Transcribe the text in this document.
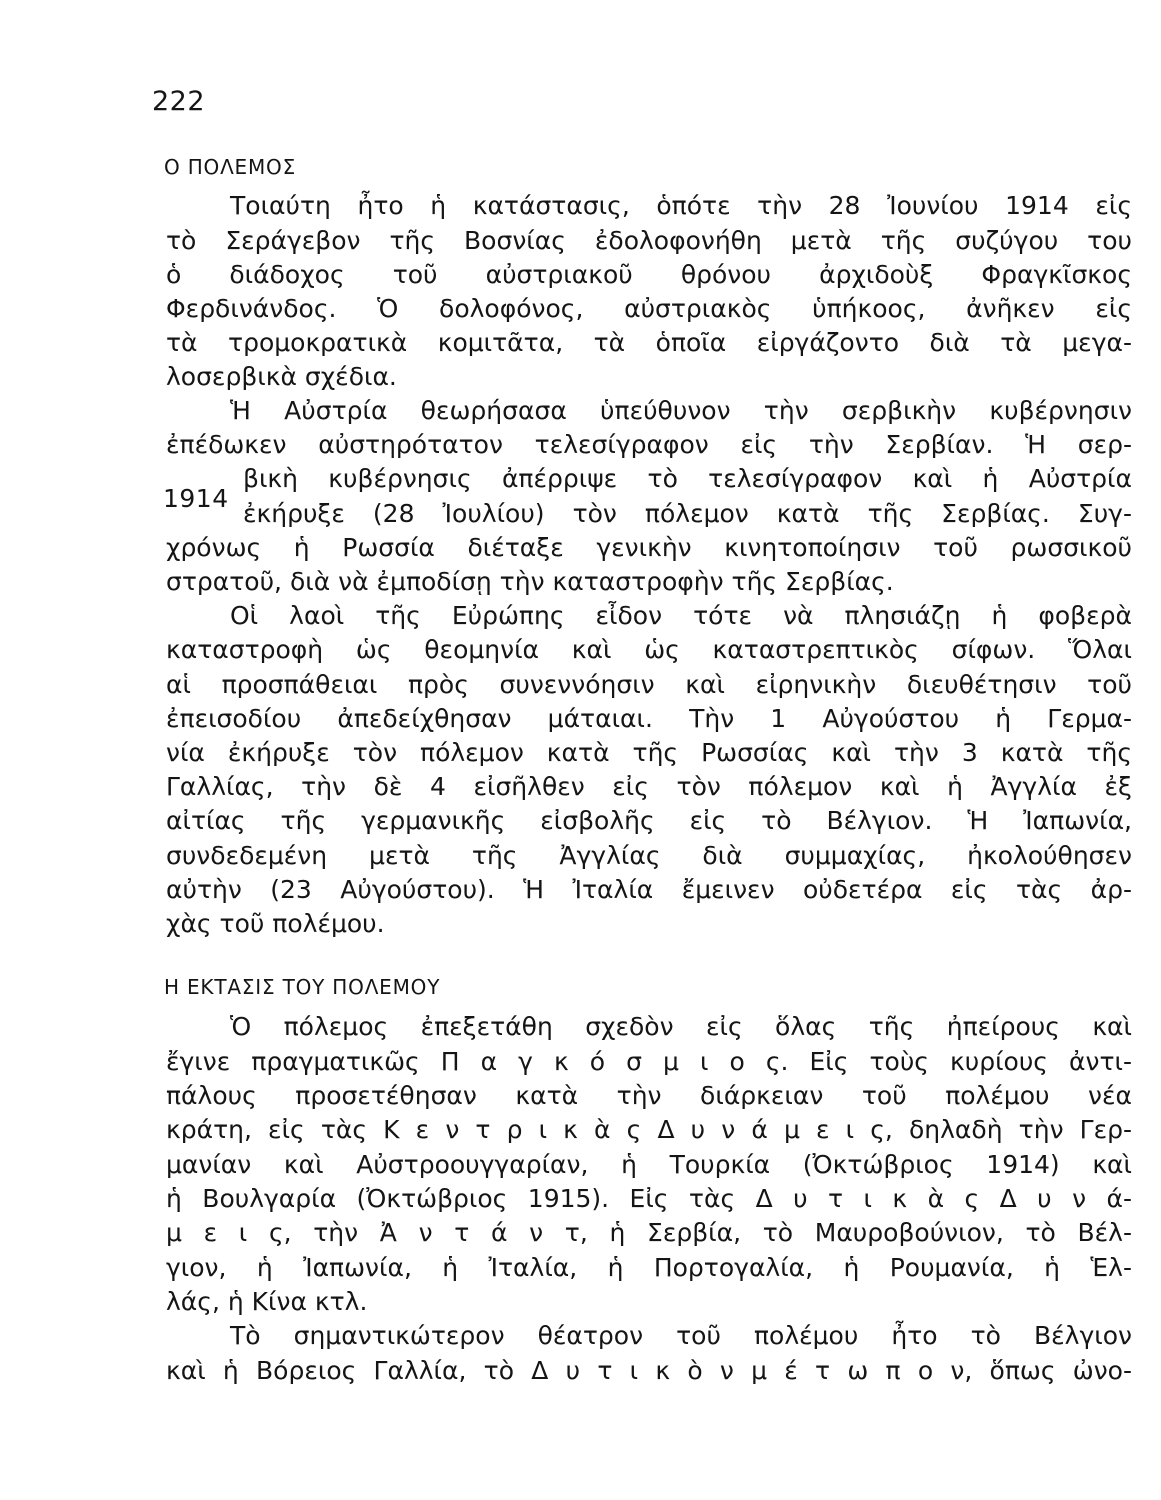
222
Ο ΠΟΛΕΜΟΣ
1914
Τοιαύτη ἦτο ἡ κατάστασις, ὁπότε τὴν 28 Ἰουνίου 1914 εἰς
τὸ Σεράγεβον τῆς Βοσνίας ἐδολοφονήθη μετὰ τῆς συζύγου του
ὁ διάδοχος τοῦ αὐστριακοῦ θρόνου ἀρχιδοὺξ Φραγκῖσκος
Φερδινάνδος. Ὁ δολοφόνος, αὐστριακὸς ὑπήκοος, ἀνῆκεν εἰς
τὰ τρομοκρατικὰ κομιτᾶτα, τὰ ὁποῖα εἰργάζοντο διὰ τὰ μεγα-
λοσερβικὰ σχέδια.
Ἡ Αὐστρία θεωρήσασα ὑπεύθυνον τὴν σερβικὴν κυβέρνησιν
ἐπέδωκεν αὐστηρότατον τελεσίγραφον εἰς τὴν Σερβίαν. Ἡ σερ-
βικὴ κυβέρνησις ἀπέρριψε τὸ τελεσίγραφον καὶ ἡ Αὐστρία
ἐκήρυξε (28 Ἰουλίου) τὸν πόλεμον κατὰ τῆς Σερβίας. Συγ-
χρόνως ἡ Ρωσσία διέταξε γενικὴν κινητοποίησιν τοῦ ρωσσικοῦ
στρατοῦ, διὰ νὰ ἐμποδίσῃ τὴν καταστροφὴν τῆς Σερβίας.
Οἱ λαοὶ τῆς Εὐρώπης εἶδον τότε νὰ πλησιάζῃ ἡ φοβερὰ
καταστροφὴ ὡς θεομηνία καὶ ὡς καταστρεπτικὸς σίφων. Ὅλαι
αἱ προσπάθειαι πρὸς συνεννόησιν καὶ εἰρηνικὴν διευθέτησιν τοῦ
ἐπεισοδίου ἀπεδείχθησαν μάταιαι. Τὴν 1 Αὐγούστου ἡ Γερμα-
νία ἐκήρυξε τὸν πόλεμον κατὰ τῆς Ρωσσίας καὶ τὴν 3 κατὰ τῆς
Γαλλίας, τὴν δὲ 4 εἰσῆλθεν εἰς τὸν πόλεμον καὶ ἡ Ἀγγλία ἐξ
αἰτίας τῆς γερμανικῆς εἰσβολῆς εἰς τὸ Βέλγιον. Ἡ Ἰαπωνία,
συνδεδεμένη μετὰ τῆς Ἀγγλίας διὰ συμμαχίας, ἠκολούθησεν
αὐτὴν (23 Αὐγούστου). Ἡ Ἰταλία ἔμεινεν οὐδετέρα εἰς τὰς ἀρ-
χὰς τοῦ πολέμου.
Η ΕΚΤΑΣΙΣ ΤΟΥ ΠΟΛΕΜΟΥ
Ὁ πόλεμος ἐπεξετάθη σχεδὸν εἰς ὅλας τῆς ἠπείρους καὶ
ἔγινε πραγματικῶς Π α γ κ ό σ μ ι ο ς. Εἰς τοὺς κυρίους ἀντι-
πάλους προσετέθησαν κατὰ τὴν διάρκειαν τοῦ πολέμου νέα
κράτη, εἰς τὰς Κ ε ν τ ρ ι κ ὰ ς Δ υ ν ά μ ε ι ς, δηλαδὴ τὴν Γερ-
μανίαν καὶ Αὐστροουγγαρίαν, ἡ Τουρκία (Ὀκτώβριος 1914) καὶ
ἡ Βουλγαρία (Ὀκτώβριος 1915). Εἰς τὰς Δ υ τ ι κ ὰ ς Δ υ ν ά-
μ ε ι ς, τὴν Ἀ ν τ ά ν τ, ἡ Σερβία, τὸ Μαυροβούνιον, τὸ Βέλ-
γιον, ἡ Ἰαπωνία, ἡ Ἰταλία, ἡ Πορτογαλία, ἡ Ρουμανία, ἡ Ἑλ-
λάς, ἡ Κίνα κτλ.
Τὸ σημαντικώτερον θέατρον τοῦ πολέμου ἦτο τὸ Βέλγιον
καὶ ἡ Βόρειος Γαλλία, τὸ Δ υ τ ι κ ὸ ν μ έ τ ω π ο ν, ὅπως ὠνο-
